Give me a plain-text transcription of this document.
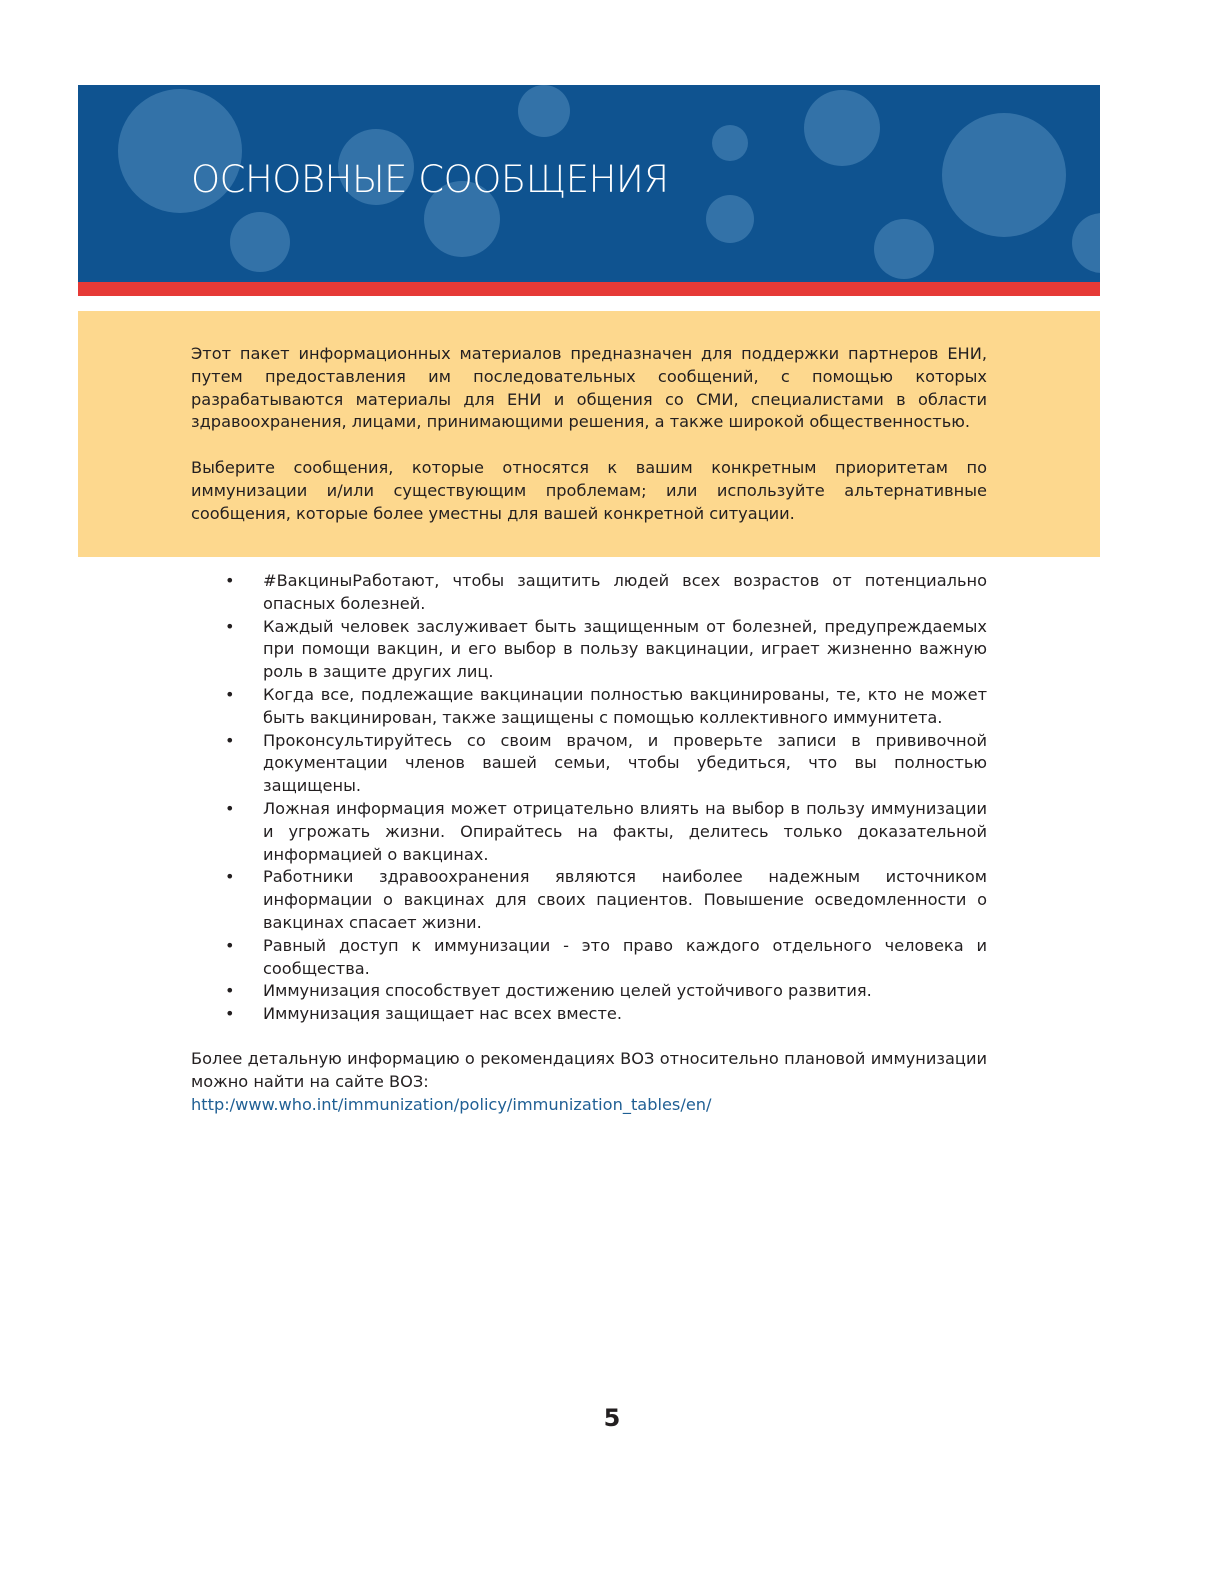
ОСНОВНЫЕ СООБЩЕНИЯ

Этот пакет информационных материалов предназначен для поддержки партнеров ЕНИ, путем предоставления им последовательных сообщений, с помощью которых разрабатываются материалы для ЕНИ и общения со СМИ, специалистами в области здравоохранения, лицами, принимающими решения, а также широкой общественностью.

Выберите сообщения, которые относятся к вашим конкретным приоритетам по иммунизации и/или существующим проблемам; или используйте альтернативные сообщения, которые более уместны для вашей конкретной ситуации.

• #ВакциныРаботают, чтобы защитить людей всех возрастов от потенциально опасных болезней.
• Каждый человек заслуживает быть защищенным от болезней, предупреждаемых при помощи вакцин, и его выбор в пользу вакцинации, играет жизненно важную роль в защите других лиц.
• Когда все, подлежащие вакцинации полностью вакцинированы, те, кто не может быть вакцинирован, также защищены с помощью коллективного иммунитета.
• Проконсультируйтесь со своим врачом, и проверьте записи в прививочной документации членов вашей семьи, чтобы убедиться, что вы полностью защищены.
• Ложная информация может отрицательно влиять на выбор в пользу иммунизации и угрожать жизни. Опирайтесь на факты, делитесь только доказательной информацией о вакцинах.
• Работники здравоохранения являются наиболее надежным источником информации о вакцинах для своих пациентов. Повышение осведомленности о вакцинах спасает жизни.
• Равный доступ к иммунизации - это право каждого отдельного человека и сообщества.
• Иммунизация способствует достижению целей устойчивого развития.
• Иммунизация защищает нас всех вместе.

Более детальную информацию о рекомендациях ВОЗ относительно плановой иммунизации можно найти на сайте ВОЗ:

http:/www.who.int/immunization/policy/immunization_tables/en/
5
